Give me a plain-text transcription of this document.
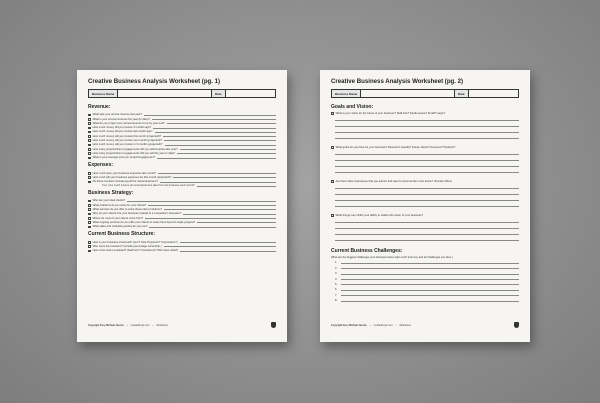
Creative Business Analysis Worksheet (pg. 1)
Business Name	Date
Revenue:
What was your annual revenue last year?
What is your annual revenue this year (to date)?
What do you project your annual revenue to be by year end?
How much money did you invoice 3 months ago?
How much money did you invoice last month ago?
How much money will you invoice this month (projected)?
How much money will you invoice next month (projected)?
How much money will you invoice in 3 months (projected)?
How many projects/client engagements did you sell/complete last year?
How many projects/client engagements did you sell this year to date?
What is your average price per project/engagement?
Expenses:
How much were your business expenses last month?
How much will your business expenses be this month (projected)?
Do these numbers include payroll for owners/partners?
If so, how much income do owners/partners take from the business each month?
Business Strategy:
Who are your ideal clients?
What problems do you solve for your clients?
What services do you offer to solve these client problems?
Why do your clients hire your business instead of a competitor's business?
Where do most of your clients come from?
What ongoing services do you offer your clients to retain them beyond single projects?
What sales and marketing tactics do you use?
Current Business Structure:
How is your business structured? (LLC? Sole Proprietor? Corporation?)
Who owns the business? (Include percentage ownership.)
How is the work completed? (Staff size? Contractors? Who does what?)
Copyright Kory Michael Jacobs • mediadisrupt.com • Worksheet
Creative Business Analysis Worksheet (pg. 2)
Business Name	Date
Goals and Vision:
What is your vision for the future of your business? Staff size? Studio space? Small? Large?
What goals do you have for your business? Revenue? Awards? Dream clients? Services? Products?
Are there other businesses that you admire and want to become like in the future? (Include URLs)
What things may inhibit your ability to realize this vision of your business?
Current Business Challenges:
What are the biggest challenges your business faces right now? (List any and all challenges you face.)
1.
2.
3.
4.
5.
6.
7.
8.
Copyright Kory Michael Jacobs • mediadisrupt.com • Worksheet
